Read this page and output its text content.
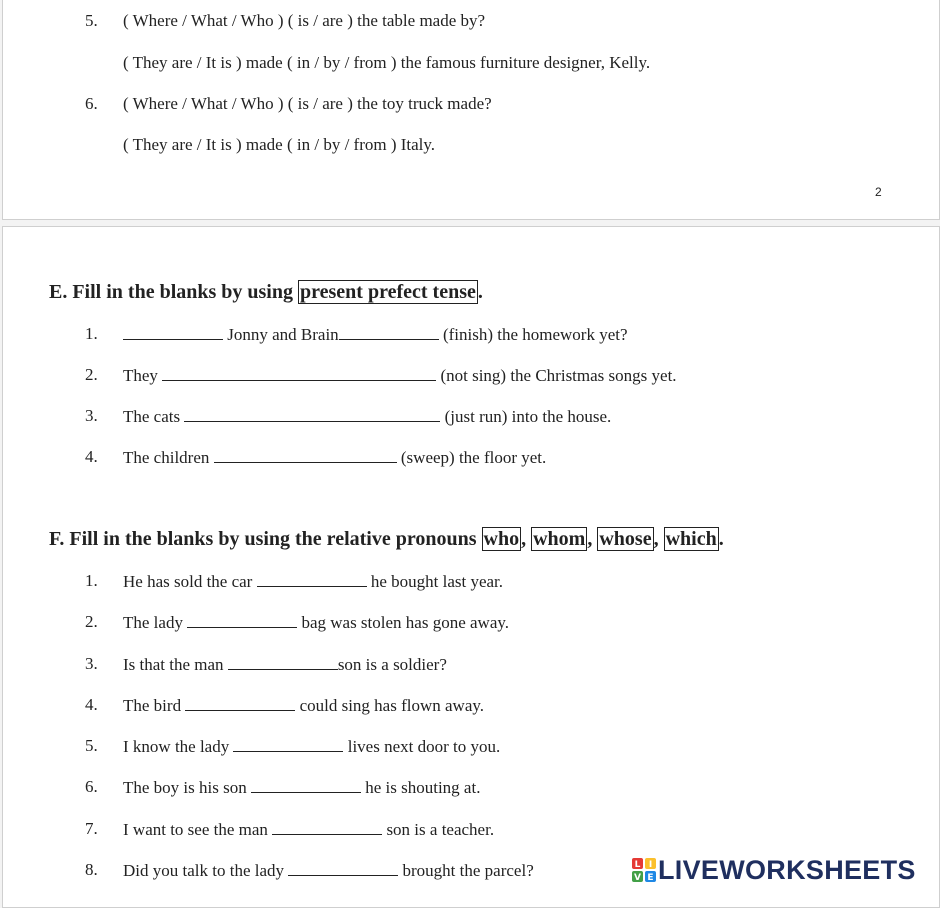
5. ( Where / What / Who ) ( is / are ) the table made by?
( They are / It is ) made ( in / by / from ) the famous furniture designer, Kelly.
6. ( Where / What / Who ) ( is / are ) the toy truck made?
( They are / It is ) made ( in / by / from ) Italy.
2
E. Fill in the blanks by using present prefect tense .
1.	Jonny and Brain	(finish) the homework yet?
2. They	(not sing) the Christmas songs yet.
3. The cats	(just run) into the house.
4. The children	(sweep) the floor yet.
F. Fill in the blanks by using the relative pronouns who , whom , whose , which .
1. He has sold the car	he bought last year.
2. The lady	bag was stolen has gone away.
3. Is that the man	son is a soldier?
4. The bird	could sing has flown away.
5. I know the lady	lives next door to you.
6. The boy is his son	he is shouting at.
7. I want to see the man	son is a teacher.
8. Did you talk to the lady	brought the parcel?	L I
V E LIVEWORKSHEETS
